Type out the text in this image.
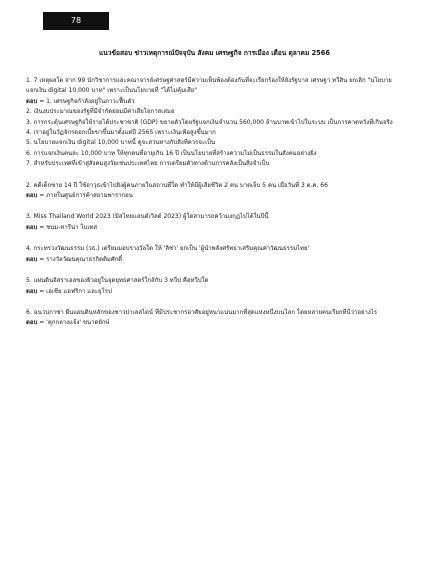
78
แนวข้อสอบ ข่าวเหตุการณ์ปัจจุบัน สังคม เศรษฐกิจ การเมือง เดือน ตุลาคม 2566

1. 7 เหตุผลใด จาก 99 นักวิชาการและคณาจารย์เศรษฐศาสตร์มีความเห็นพ้องต้องกันที่จะเรียกร้องให้ยังรัฐบาล เศรษฐา ทวีสิน ยกเลิก "นโยบายแจกเงิน digital 10,000 บาท" เพราะเป็นนโยบายที่ "ได้ไม่คุ้มเสีย"

ตอบ = 1. เศรษฐกิจกำลังอยู่ในภาวะฟื้นตัว

2. เงินงบประมาณของรัฐที่มีจำกัดย่อมมีค่าเสียโอกาสเสมอ

3. การกระตุ้นเศรษฐกิจให้รายได้ประชาชาติ (GDP) ขยายตัวโดยรัฐแจกเงินจำนวน 560,000 ล้านบาทเข้าไปในระบบ เป็นการคาดหวังที่เกินจริง

4. เราอยู่ในวัฏจักรดอกเบี้ยขาขึ้นมาตั้งแต่ปี 2565 เพราะเงินเฟ้อสูงขึ้นมาก

5. นโยบายแจกเงิน digital 10,000 บาทนี้ ดูจะสวนทางกับสิ่งที่ควรจะเป็น

6. การแจกเงินคนละ 10,000 บาท ให้ทุกคนที่อายุเกิน 16 ปี เป็นนโยบายที่สร้างความไม่เป็นธรรมในสังคมอย่างยิ่ง

7. สำหรับประเทศที่เข้าสู่สังคมสูงวัยเช่นประเทศไทย การเตรียมตัวทางด้านการคลังเป็นสิ่งจำเป็น

2. คดีเด็กชาย 14 ปี ใช้อาวุธเข้าไปยิงผู้คนภายในสถานที่ใด ทำให้มีผู้เสียชีวิต 2 คน บาดเจ็บ 5 คน เมื่อวันที่ 3 ต.ค. 66

ตอบ = ภายในศูนย์การค้าสยามพารากอน

3. Miss Thailand World 2023 (มิสไทยแลนด์เวิลด์ 2023) ผู้ใดสามารถคว้ามงกุฎไปได้ในปีนี้

ตอบ = ชนม-ทารีน่า โบเทส

4. กระทรวงวัฒนธรรม (วธ.) เตรียมมอบรางวัลใด ให้ 'ลิซ่า' ยกเป็น 'ผู้นำพลังศรัทธาเสริมคุณค่าวัฒนธรรมไทย'

ตอบ = รางวัลวัฒนคุณาธรกิตติมศักดิ์

5. แผ่นดินอิสราเอลของยิวอยู่ในจุดยุทธศาสตร์ใกล้กับ 3 ทวีป คือทวีปใด

ตอบ = เอเชีย แอฟริกา และยุโรป

6. ฉนวนกาซา ผืนแผ่นดินหลักของชาวปาเลสไตน์ ที่มีประชากรอาศัยอยู่หนาแน่นมากที่สุดแห่งหนึ่งบนโลก โดยหลายคนเรียกที่นี่ว่าอย่างไร

ตอบ = 'คุกกลางแจ้ง' ขนาดยักษ์
